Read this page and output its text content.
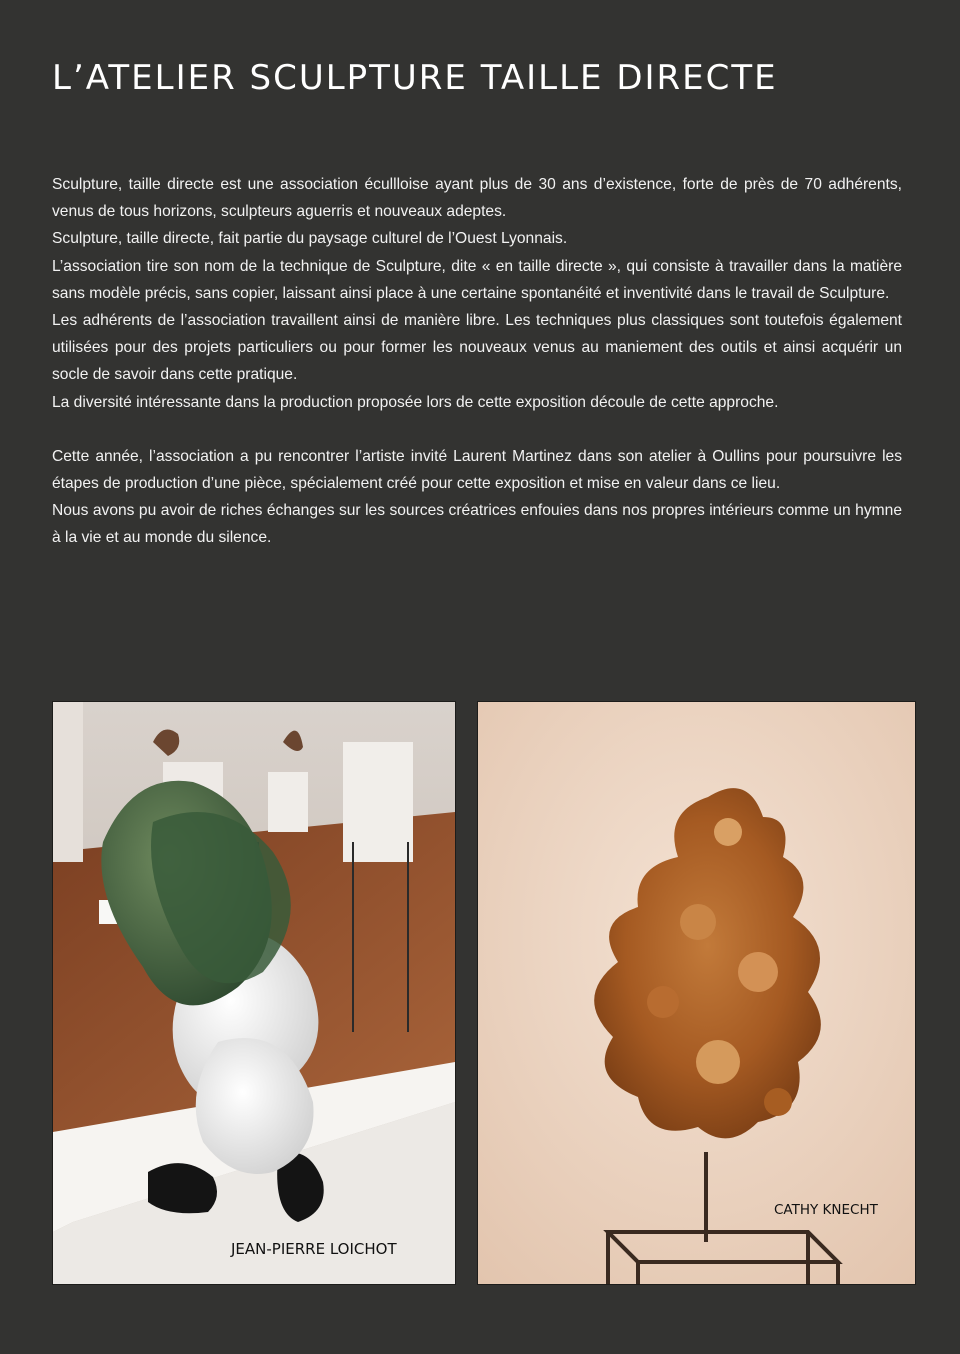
L’ATELIER SCULPTURE TAILLE DIRECTE

Sculpture, taille directe est une association écullloise ayant plus de 30 ans d’existence, forte de près de 70 adhérents, venus de tous horizons, sculpteurs aguerris et nouveaux adeptes.

Sculpture, taille directe, fait partie du paysage culturel de l’Ouest Lyonnais.

L’association tire son nom de la technique de Sculpture, dite « en taille directe », qui consiste à travailler dans la matière sans modèle précis, sans copier, laissant ainsi place à une certaine spontanéité et inventivité dans le travail de Sculpture.

Les adhérents de l’association travaillent ainsi de manière libre. Les techniques plus classiques sont toutefois également utilisées pour des projets particuliers ou pour former les nouveaux venus au maniement des outils et ainsi acquérir un socle de savoir dans cette pratique.

La diversité intéressante dans la production proposée lors de cette exposition découle de cette approche.

Cette année, l’association a pu rencontrer l’artiste invité Laurent Martinez dans son atelier à Oullins pour poursuivre les étapes de production d’une pièce, spécialement créé pour cette exposition et mise en valeur dans ce lieu.

Nous avons pu avoir de riches échanges sur les sources créatrices enfouies dans nos propres intérieurs comme un hymne à la vie et au monde du silence.

JEAN-PIERRE LOICHOT
CATHY KNECHT
